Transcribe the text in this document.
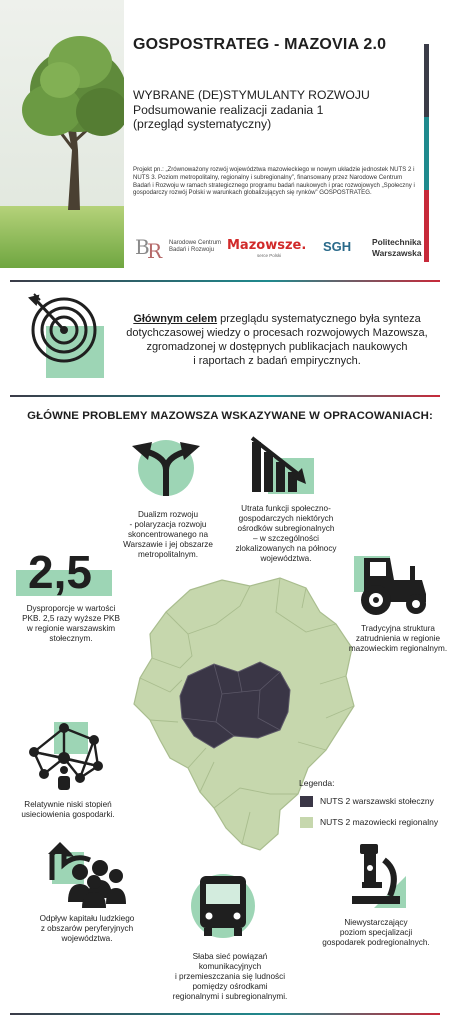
GOSPOSTRATEG - MAZOVIA 2.0
WYBRANE (DE)STYMULANTY ROZWOJU
Podsumowanie realizacji zadania 1
(przegląd systematyczny)
Projekt pn.: „Zrównoważony rozwój województwa mazowieckiego w nowym układzie jednostek NUTS 2 i NUTS 3. Poziom metropolitalny, regionalny i subregionalny”, finansowany przez Narodowe Centrum Badań i Rozwoju w ramach strategicznego programu badań naukowych i prac rozwojowych „Społeczny i gospodarczy rozwój Polski w warunkach globalizujących się rynków” GOSPOSTRATEG.
B
R Narodowe Centrum
Badań i Rozwoju Mazowsze.
serce Polski
SGH Politechnika
Warszawska
Głównym celem przeglądu systematycznego była synteza
dotychczasowej wiedzy o procesach rozwojowych Mazowsza,
zgromadzonej w dostępnych publikacjach naukowych
i raportach z badań empirycznych.
GŁÓWNE PROBLEMY MAZOWSZA WSKAZYWANE W OPRACOWANIACH:
Legenda:
NUTS 2 warszawski stołeczny
NUTS 2 mazowiecki regionalny
Dualizm rozwoju
- polaryzacja rozwoju
skoncentrowanego na
Warszawie i jej obszarze
metropolitalnym.
Utrata funkcji społeczno-
gospodarczych niektórych
ośrodków subregionalnych
– w szczególności
zlokalizowanych na północy
województwa.
2,5
Dysproporcje w wartości
PKB. 2,5 razy wyższe PKB
w regionie warszawskim
stołecznym.
Tradycyjna struktura
zatrudnienia w regionie
mazowieckim regionalnym.
Relatywnie niski stopień
usieciowienia gospodarki.
Odpływ kapitału ludzkiego
z obszarów peryferyjnych
województwa.
Słaba sieć powiązań
komunikacyjnych
i przemieszczania się ludności
pomiędzy ośrodkami
regionalnymi i subregionalnymi.
Niewystarczający
poziom specjalizacji
gospodarek podregionalnych.
